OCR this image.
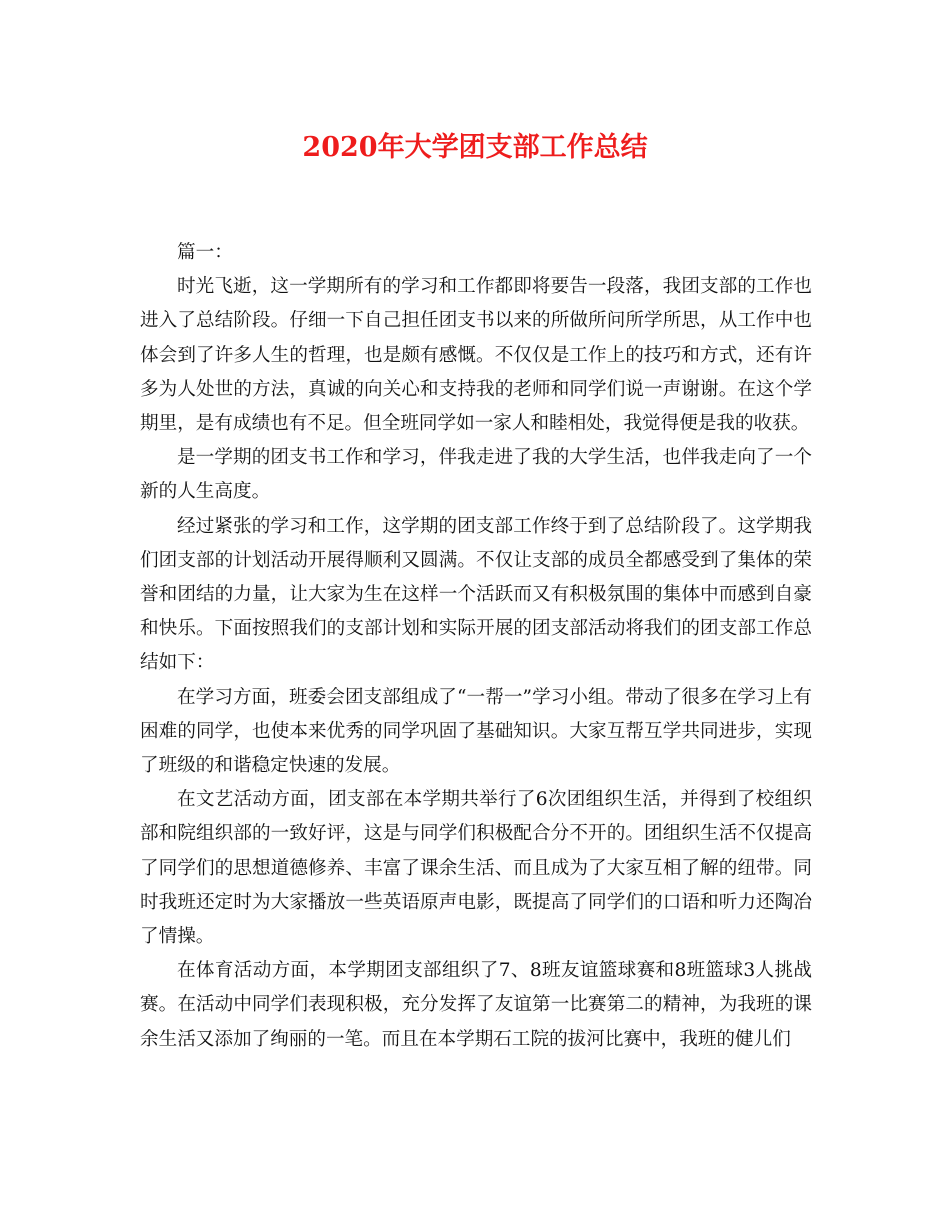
2020年大学团支部工作总结

篇一：

时光飞逝，这一学期所有的学习和工作都即将要告一段落，我团支部的工作也进入了总结阶段。仔细一下自己担任团支书以来的所做所问所学所思，从工作中也体会到了许多人生的哲理，也是颇有感慨。不仅仅是工作上的技巧和方式，还有许多为人处世的方法，真诚的向关心和支持我的老师和同学们说一声谢谢。在这个学期里，是有成绩也有不足。但全班同学如一家人和睦相处，我觉得便是我的收获。

是一学期的团支书工作和学习，伴我走进了我的大学生活，也伴我走向了一个新的人生高度。

经过紧张的学习和工作，这学期的团支部工作终于到了总结阶段了。这学期我们团支部的计划活动开展得顺利又圆满。不仅让支部的成员全都感受到了集体的荣誉和团结的力量，让大家为生在这样一个活跃而又有积极氛围的集体中而感到自豪和快乐。下面按照我们的支部计划和实际开展的团支部活动将我们的团支部工作总结如下：

在学习方面，班委会团支部组成了“一帮一”学习小组。带动了很多在学习上有困难的同学，也使本来优秀的同学巩固了基础知识。大家互帮互学共同进步，实现了班级的和谐稳定快速的发展。

在文艺活动方面，团支部在本学期共举行了6次团组织生活，并得到了校组织部和院组织部的一致好评，这是与同学们积极配合分不开的。团组织生活不仅提高了同学们的思想道德修养、丰富了课余生活、而且成为了大家互相了解的纽带。同时我班还定时为大家播放一些英语原声电影，既提高了同学们的口语和听力还陶冶了情操。

在体育活动方面，本学期团支部组织了7、8班友谊篮球赛和8班篮球3人挑战赛。在活动中同学们表现积极，充分发挥了友谊第一比赛第二的精神，为我班的课余生活又添加了绚丽的一笔。而且在本学期石工院的拔河比赛中，我班的健儿们
